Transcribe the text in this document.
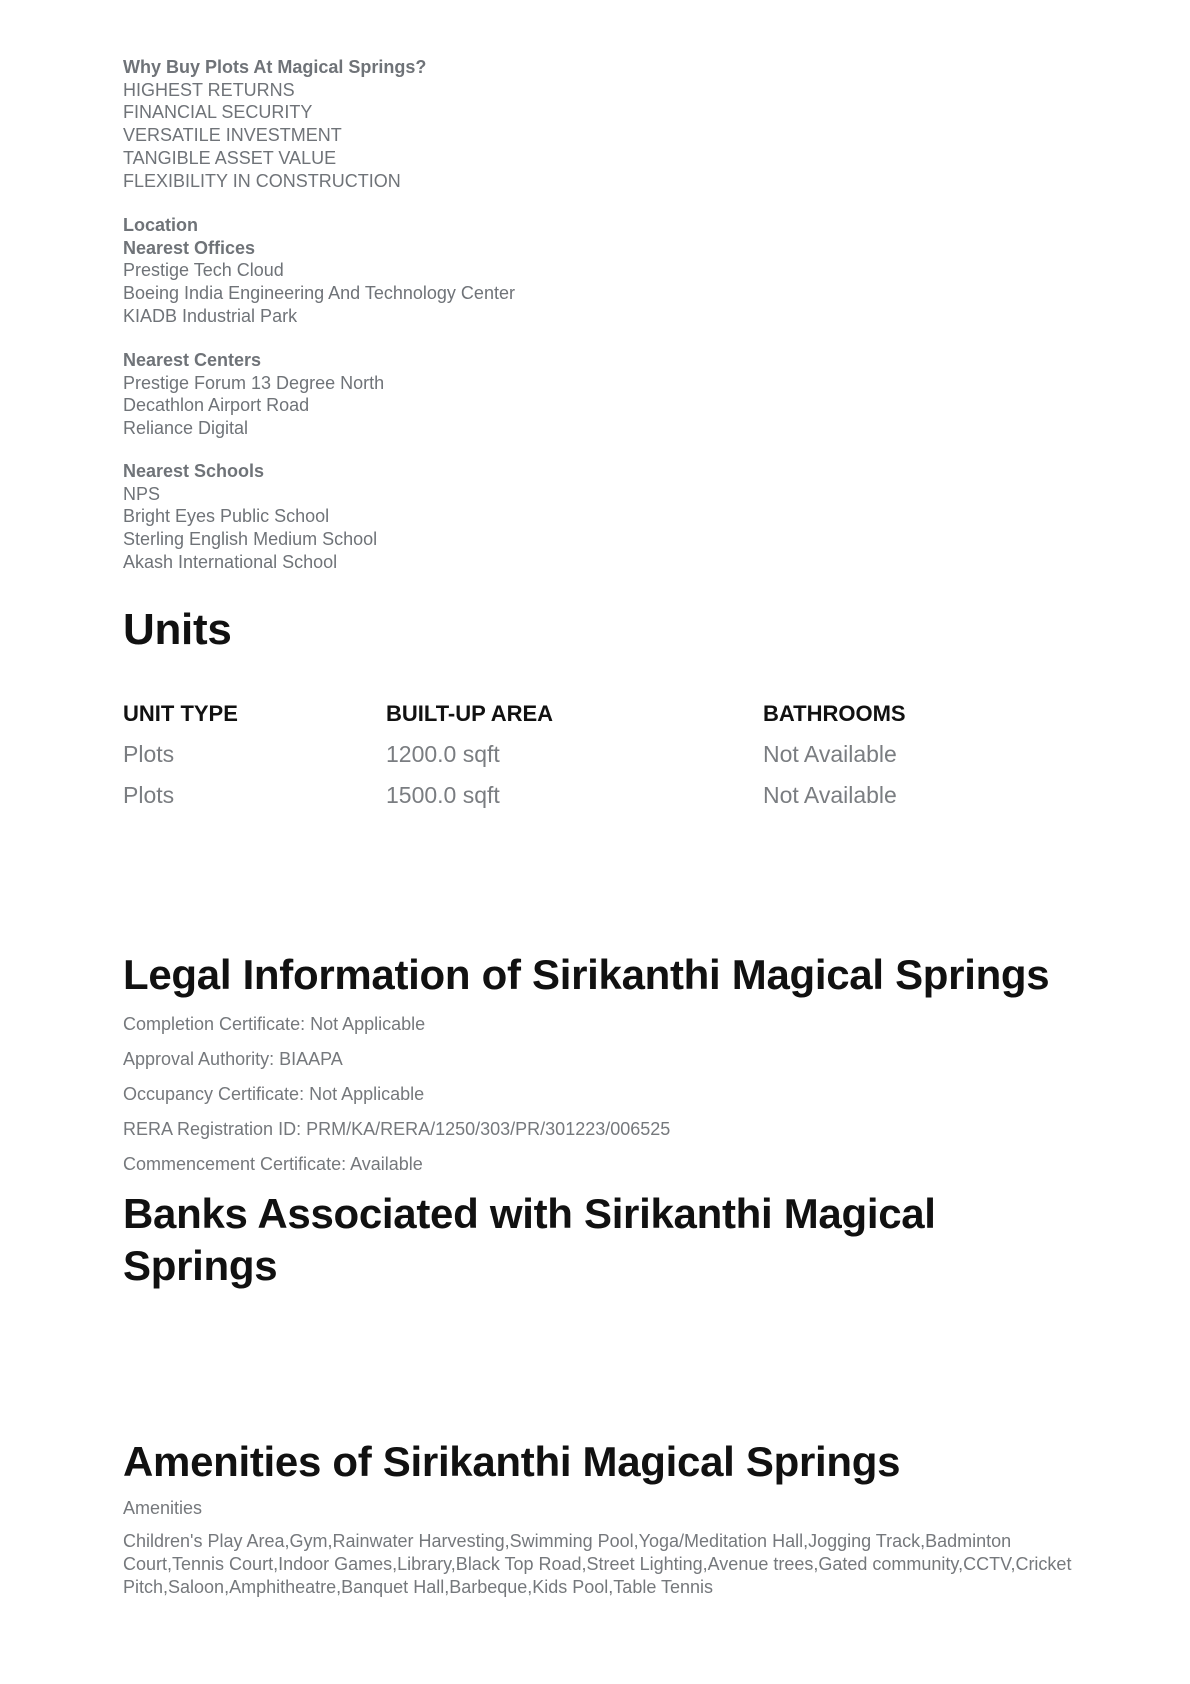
Why Buy Plots At Magical Springs?
HIGHEST RETURNS
FINANCIAL SECURITY
VERSATILE INVESTMENT
TANGIBLE ASSET VALUE
FLEXIBILITY IN CONSTRUCTION
Location
Nearest Offices
Prestige Tech Cloud
Boeing India Engineering And Technology Center
KIADB Industrial Park
Nearest Centers
Prestige Forum 13 Degree North
Decathlon Airport Road
Reliance Digital
Nearest Schools
NPS
Bright Eyes Public School
Sterling English Medium School
Akash International School
Units
UNIT TYPE	BUILT-UP AREA	BATHROOMS
Plots	1200.0 sqft	Not Available
Plots	1500.0 sqft	Not Available
Legal Information of Sirikanthi Magical Springs
Completion Certificate: Not Applicable
Approval Authority: BIAAPA
Occupancy Certificate: Not Applicable
RERA Registration ID: PRM/KA/RERA/1250/303/PR/301223/006525
Commencement Certificate: Available
Banks Associated with Sirikanthi Magical
Springs
Amenities of Sirikanthi Magical Springs
Amenities
Children's Play Area,Gym,Rainwater Harvesting,Swimming Pool,Yoga/Meditation Hall,Jogging Track,Badminton Court,Tennis Court,Indoor Games,Library,Black Top Road,Street Lighting,Avenue trees,Gated community,CCTV,Cricket Pitch,Saloon,Amphitheatre,Banquet Hall,Barbeque,Kids Pool,Table Tennis
